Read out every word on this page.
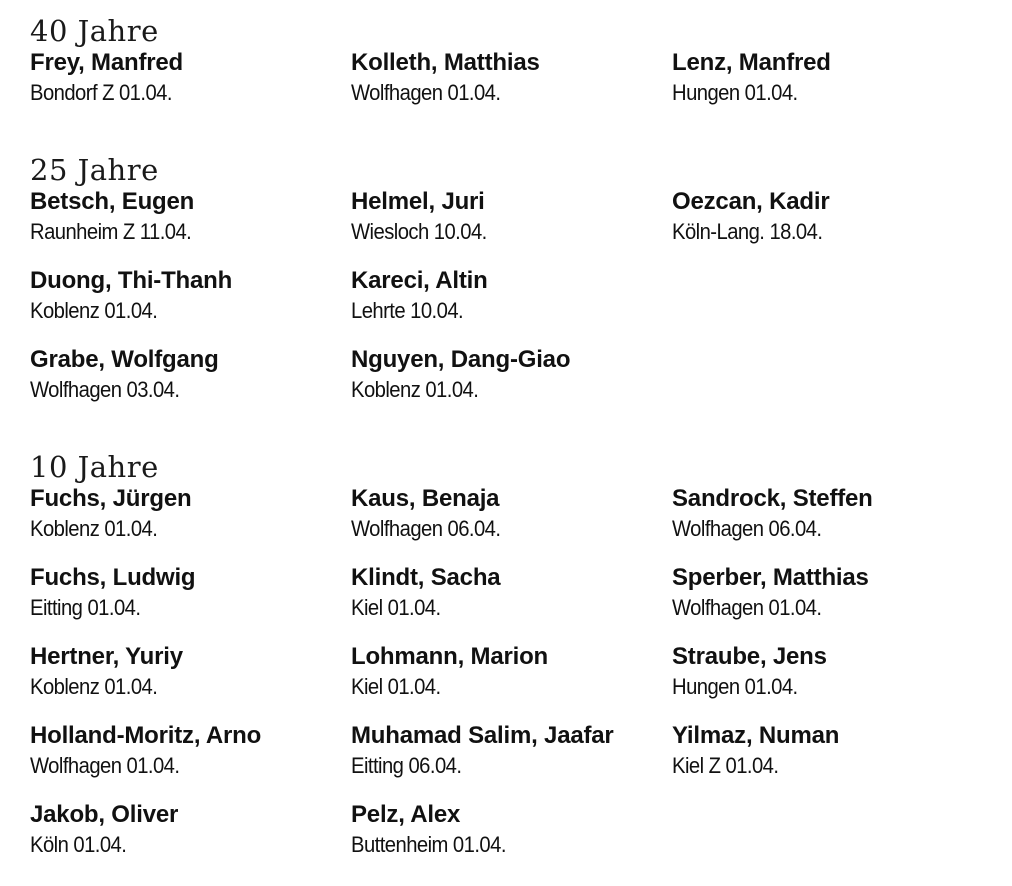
40 Jahre
Frey, Manfred
Bondorf Z 01.04.
Kolleth, Matthias
Wolfhagen 01.04.
Lenz, Manfred
Hungen 01.04.
25 Jahre
Betsch, Eugen
Raunheim Z 11.04.
Helmel, Juri
Wiesloch 10.04.
Oezcan, Kadir
Köln-Lang. 18.04.
Duong, Thi-Thanh
Koblenz 01.04.
Kareci, Altin
Lehrte 10.04.
Grabe, Wolfgang
Wolfhagen 03.04.
Nguyen, Dang-Giao
Koblenz 01.04.
10 Jahre
Fuchs, Jürgen
Koblenz 01.04.
Kaus, Benaja
Wolfhagen 06.04.
Sandrock, Steffen
Wolfhagen 06.04.
Fuchs, Ludwig
Eitting 01.04.
Klindt, Sacha
Kiel 01.04.
Sperber, Matthias
Wolfhagen 01.04.
Hertner, Yuriy
Koblenz 01.04.
Lohmann, Marion
Kiel 01.04.
Straube, Jens
Hungen 01.04.
Holland-Moritz, Arno
Wolfhagen 01.04.
Muhamad Salim, Jaafar
Eitting 06.04.
Yilmaz, Numan
Kiel Z 01.04.
Jakob, Oliver
Köln 01.04.
Pelz, Alex
Buttenheim 01.04.
